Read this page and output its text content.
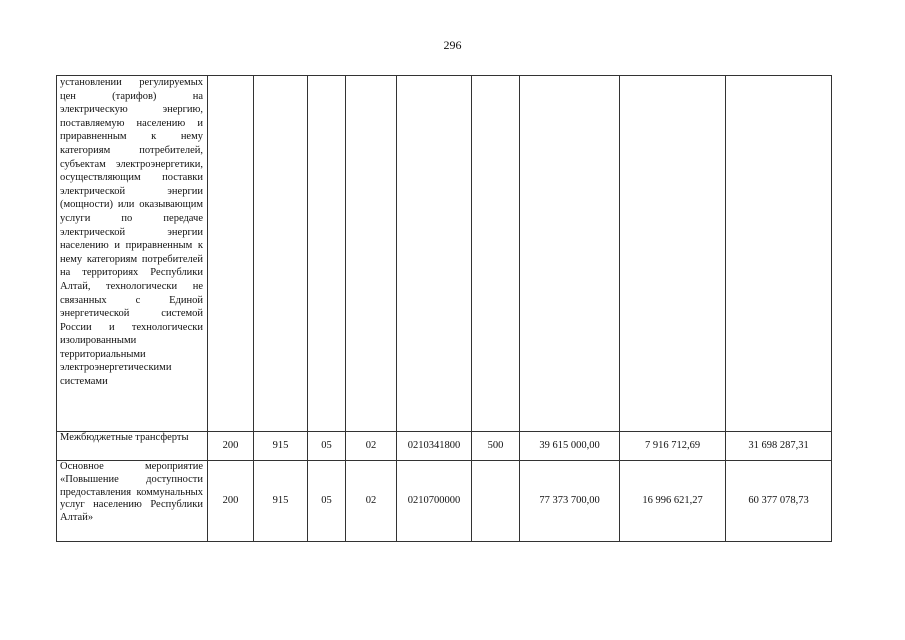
296
установлении регулируемых цен (тарифов) на электрическую энергию, поставляемую населению и приравненным к нему категориям потребителей, субъектам электроэнергетики, осуществляющим поставки электрической энергии (мощности) или оказывающим услуги по передаче электрической энергии населению и приравненным к нему категориям потребителей на территориях Республики Алтай, технологически не связанных с Единой энергетической системой России и технологически изолированными территориальными электроэнергетическими системами									
Межбюджетные трансферты	200	915	05	02	0210341800	500	39 615 000,00	7 916 712,69	31 698 287,31
Основное мероприятие «Повышение доступности предоставления коммунальных услуг населению Республики Алтай»	200	915	05	02	0210700000		77 373 700,00	16 996 621,27	60 377 078,73
